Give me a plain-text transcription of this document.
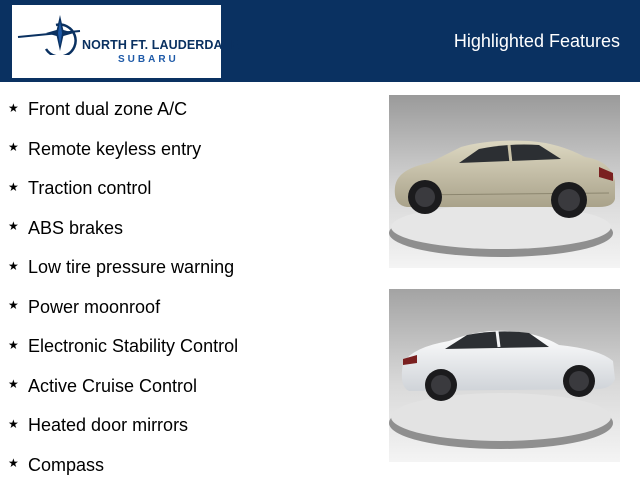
NORTH FT. LAUDERDALE
SUBARU
Highlighted Features
★ Front dual zone A/C
★ Remote keyless entry
★ Traction control
★ ABS brakes
★ Low tire pressure warning
★ Power moonroof
★ Electronic Stability Control
★ Active Cruise Control
★ Heated door mirrors
★ Compass
